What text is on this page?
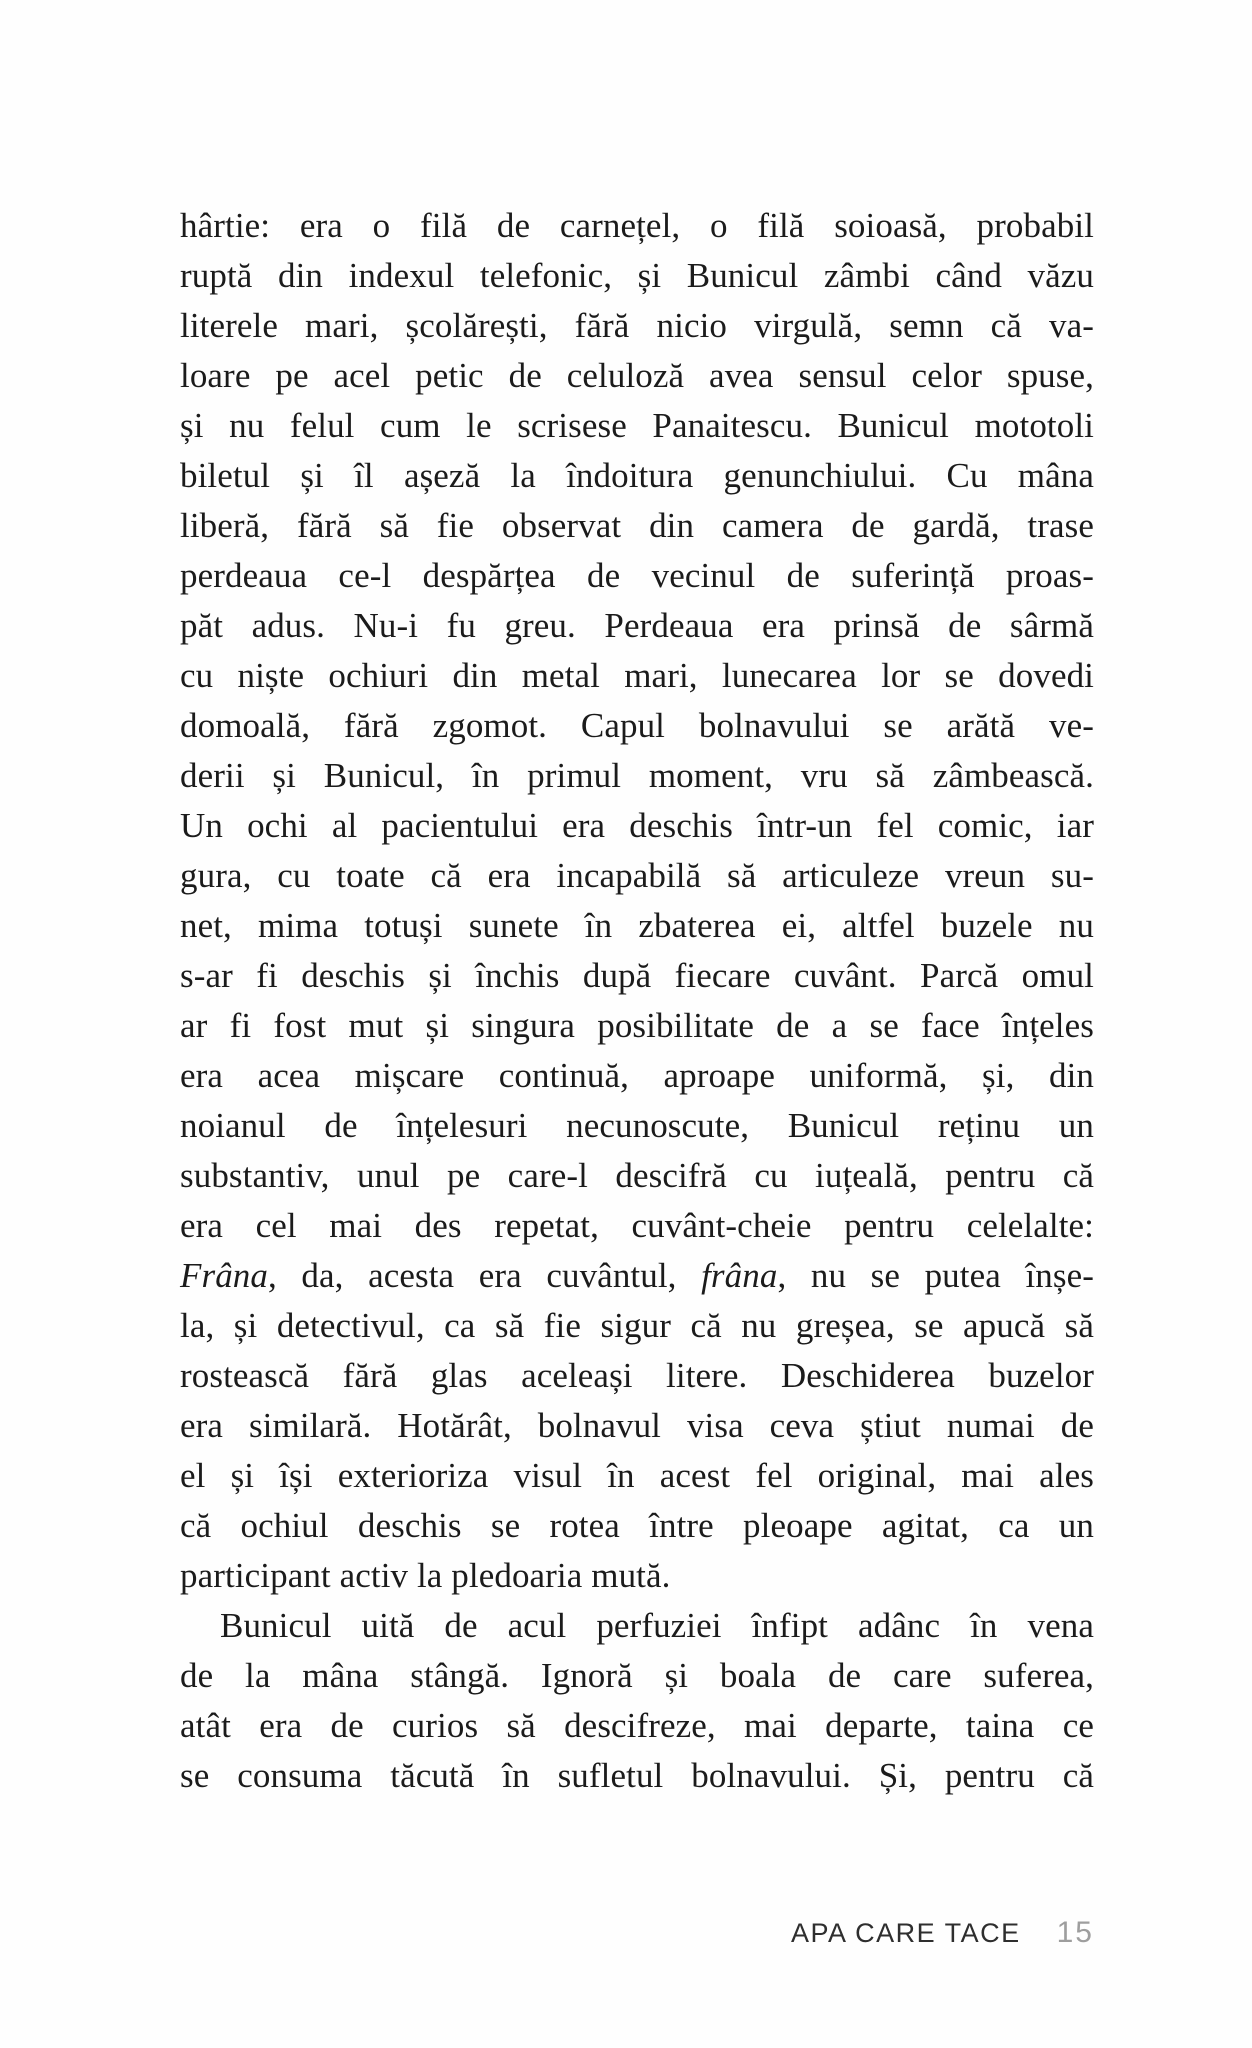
hârtie: era o filă de carnețel, o filă soioasă, probabil
ruptă din indexul telefonic, și Bunicul zâmbi când văzu
literele mari, școlărești, fără nicio virgulă, semn că va-
loare pe acel petic de celuloză avea sensul celor spuse,
și nu felul cum le scrisese Panaitescu. Bunicul mototoli
biletul și îl așeză la îndoitura genunchiului. Cu mâna
liberă, fără să fie observat din camera de gardă, trase
perdeaua ce-l despărțea de vecinul de suferință proas-
păt adus. Nu-i fu greu. Perdeaua era prinsă de sârmă
cu niște ochiuri din metal mari, lunecarea lor se dovedi
domoală, fără zgomot. Capul bolnavului se arătă ve-
derii și Bunicul, în primul moment, vru să zâmbească.
Un ochi al pacientului era deschis într-un fel comic, iar
gura, cu toate că era incapabilă să articuleze vreun su-
net, mima totuși sunete în zbaterea ei, altfel buzele nu
s-ar fi deschis și închis după fiecare cuvânt. Parcă omul
ar fi fost mut și singura posibilitate de a se face înțeles
era acea mișcare continuă, aproape uniformă, și, din
noianul de înțelesuri necunoscute, Bunicul reținu un
substantiv, unul pe care-l descifră cu iuțeală, pentru că
era cel mai des repetat, cuvânt-cheie pentru celelalte:
Frâna, da, acesta era cuvântul, frâna, nu se putea înșe-
la, și detectivul, ca să fie sigur că nu greșea, se apucă să
rostească fără glas aceleași litere. Deschiderea buzelor
era similară. Hotărât, bolnavul visa ceva știut numai de
el și își exterioriza visul în acest fel original, mai ales
că ochiul deschis se rotea între pleoape agitat, ca un
participant activ la pledoaria mută.
Bunicul uită de acul perfuziei înfipt adânc în vena
de la mâna stângă. Ignoră și boala de care suferea,
atât era de curios să descifreze, mai departe, taina ce
se consuma tăcută în sufletul bolnavului. Și, pentru că
APA CARE TACE 15
